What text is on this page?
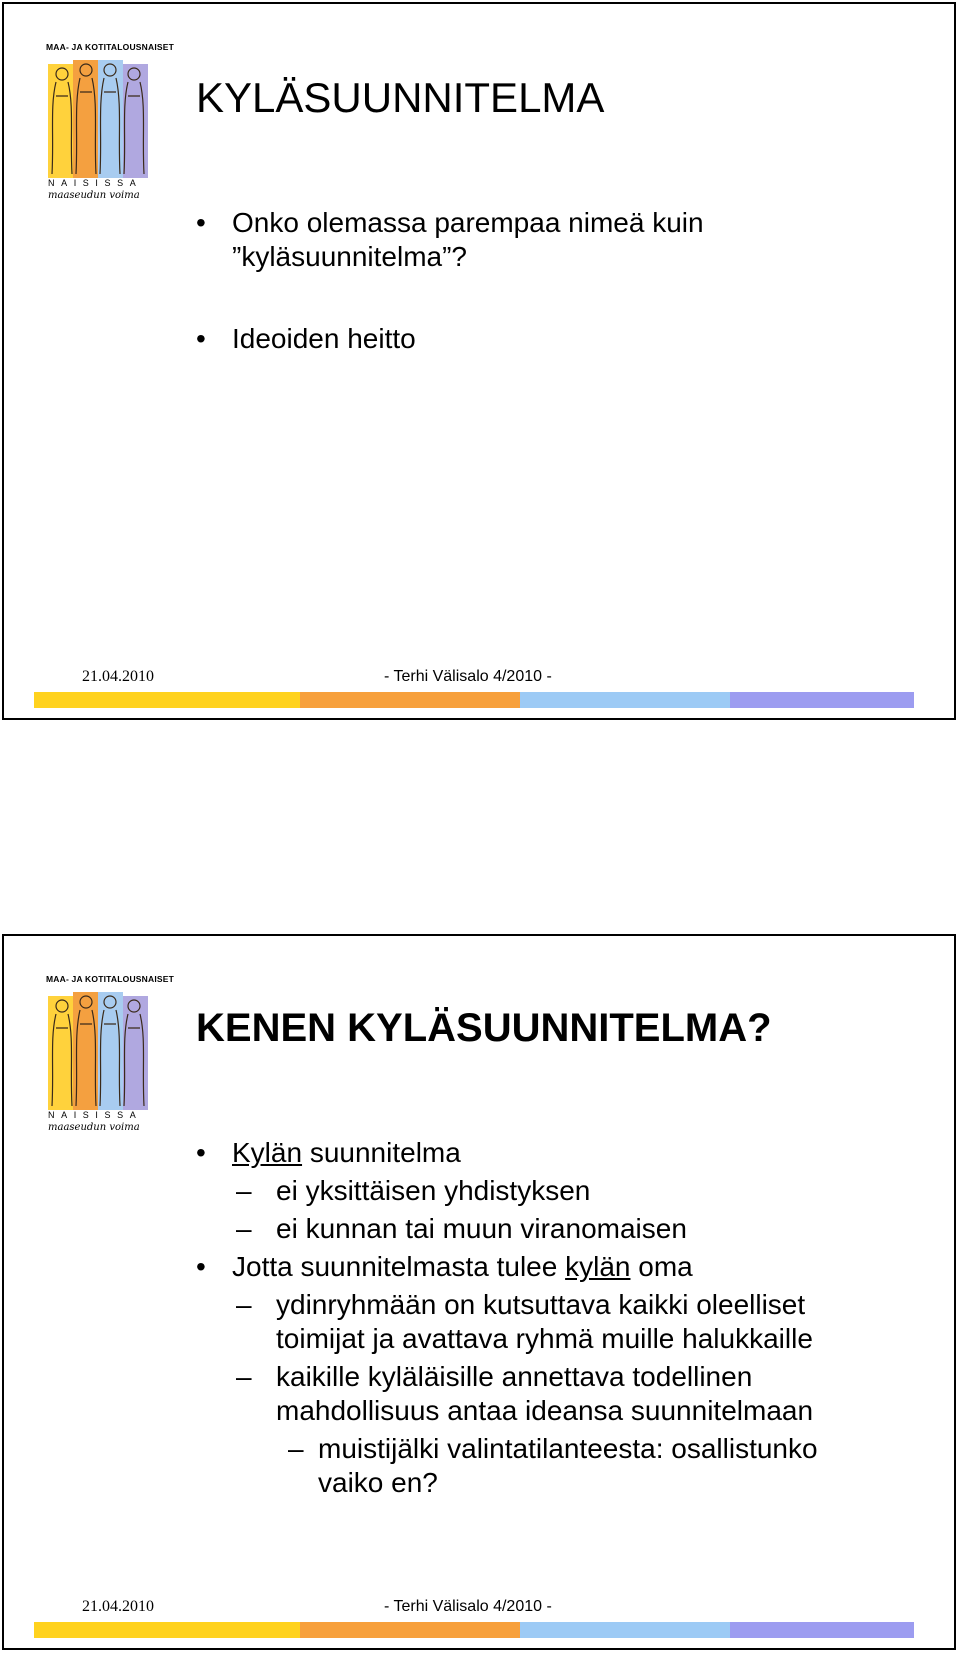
MAA- JA KOTITALOUSNAISET
NAISISSA
maaseudun voima
KYLÄSUUNNITELMA
• Onko olemassa parempaa nimeä kuin
”kyläsuunnitelma”?
• Ideoiden heitto
21.04.2010	- Terhi Välisalo 4/2010 -
MAA- JA KOTITALOUSNAISET
NAISISSA
maaseudun voima
KENEN KYLÄSUUNNITELMA?
• Kylän suunnitelma
– ei yksittäisen yhdistyksen
– ei kunnan tai muun viranomaisen
• Jotta suunnitelmasta tulee kylän oma
– ydinryhmään on kutsuttava kaikki oleelliset
toimijat ja avattava ryhmä muille halukkaille
– kaikille kyläläisille annettava todellinen
mahdollisuus antaa ideansa suunnitelmaan
– muistijälki valintatilanteesta: osallistunko
vaiko en?
21.04.2010	- Terhi Välisalo 4/2010 -
